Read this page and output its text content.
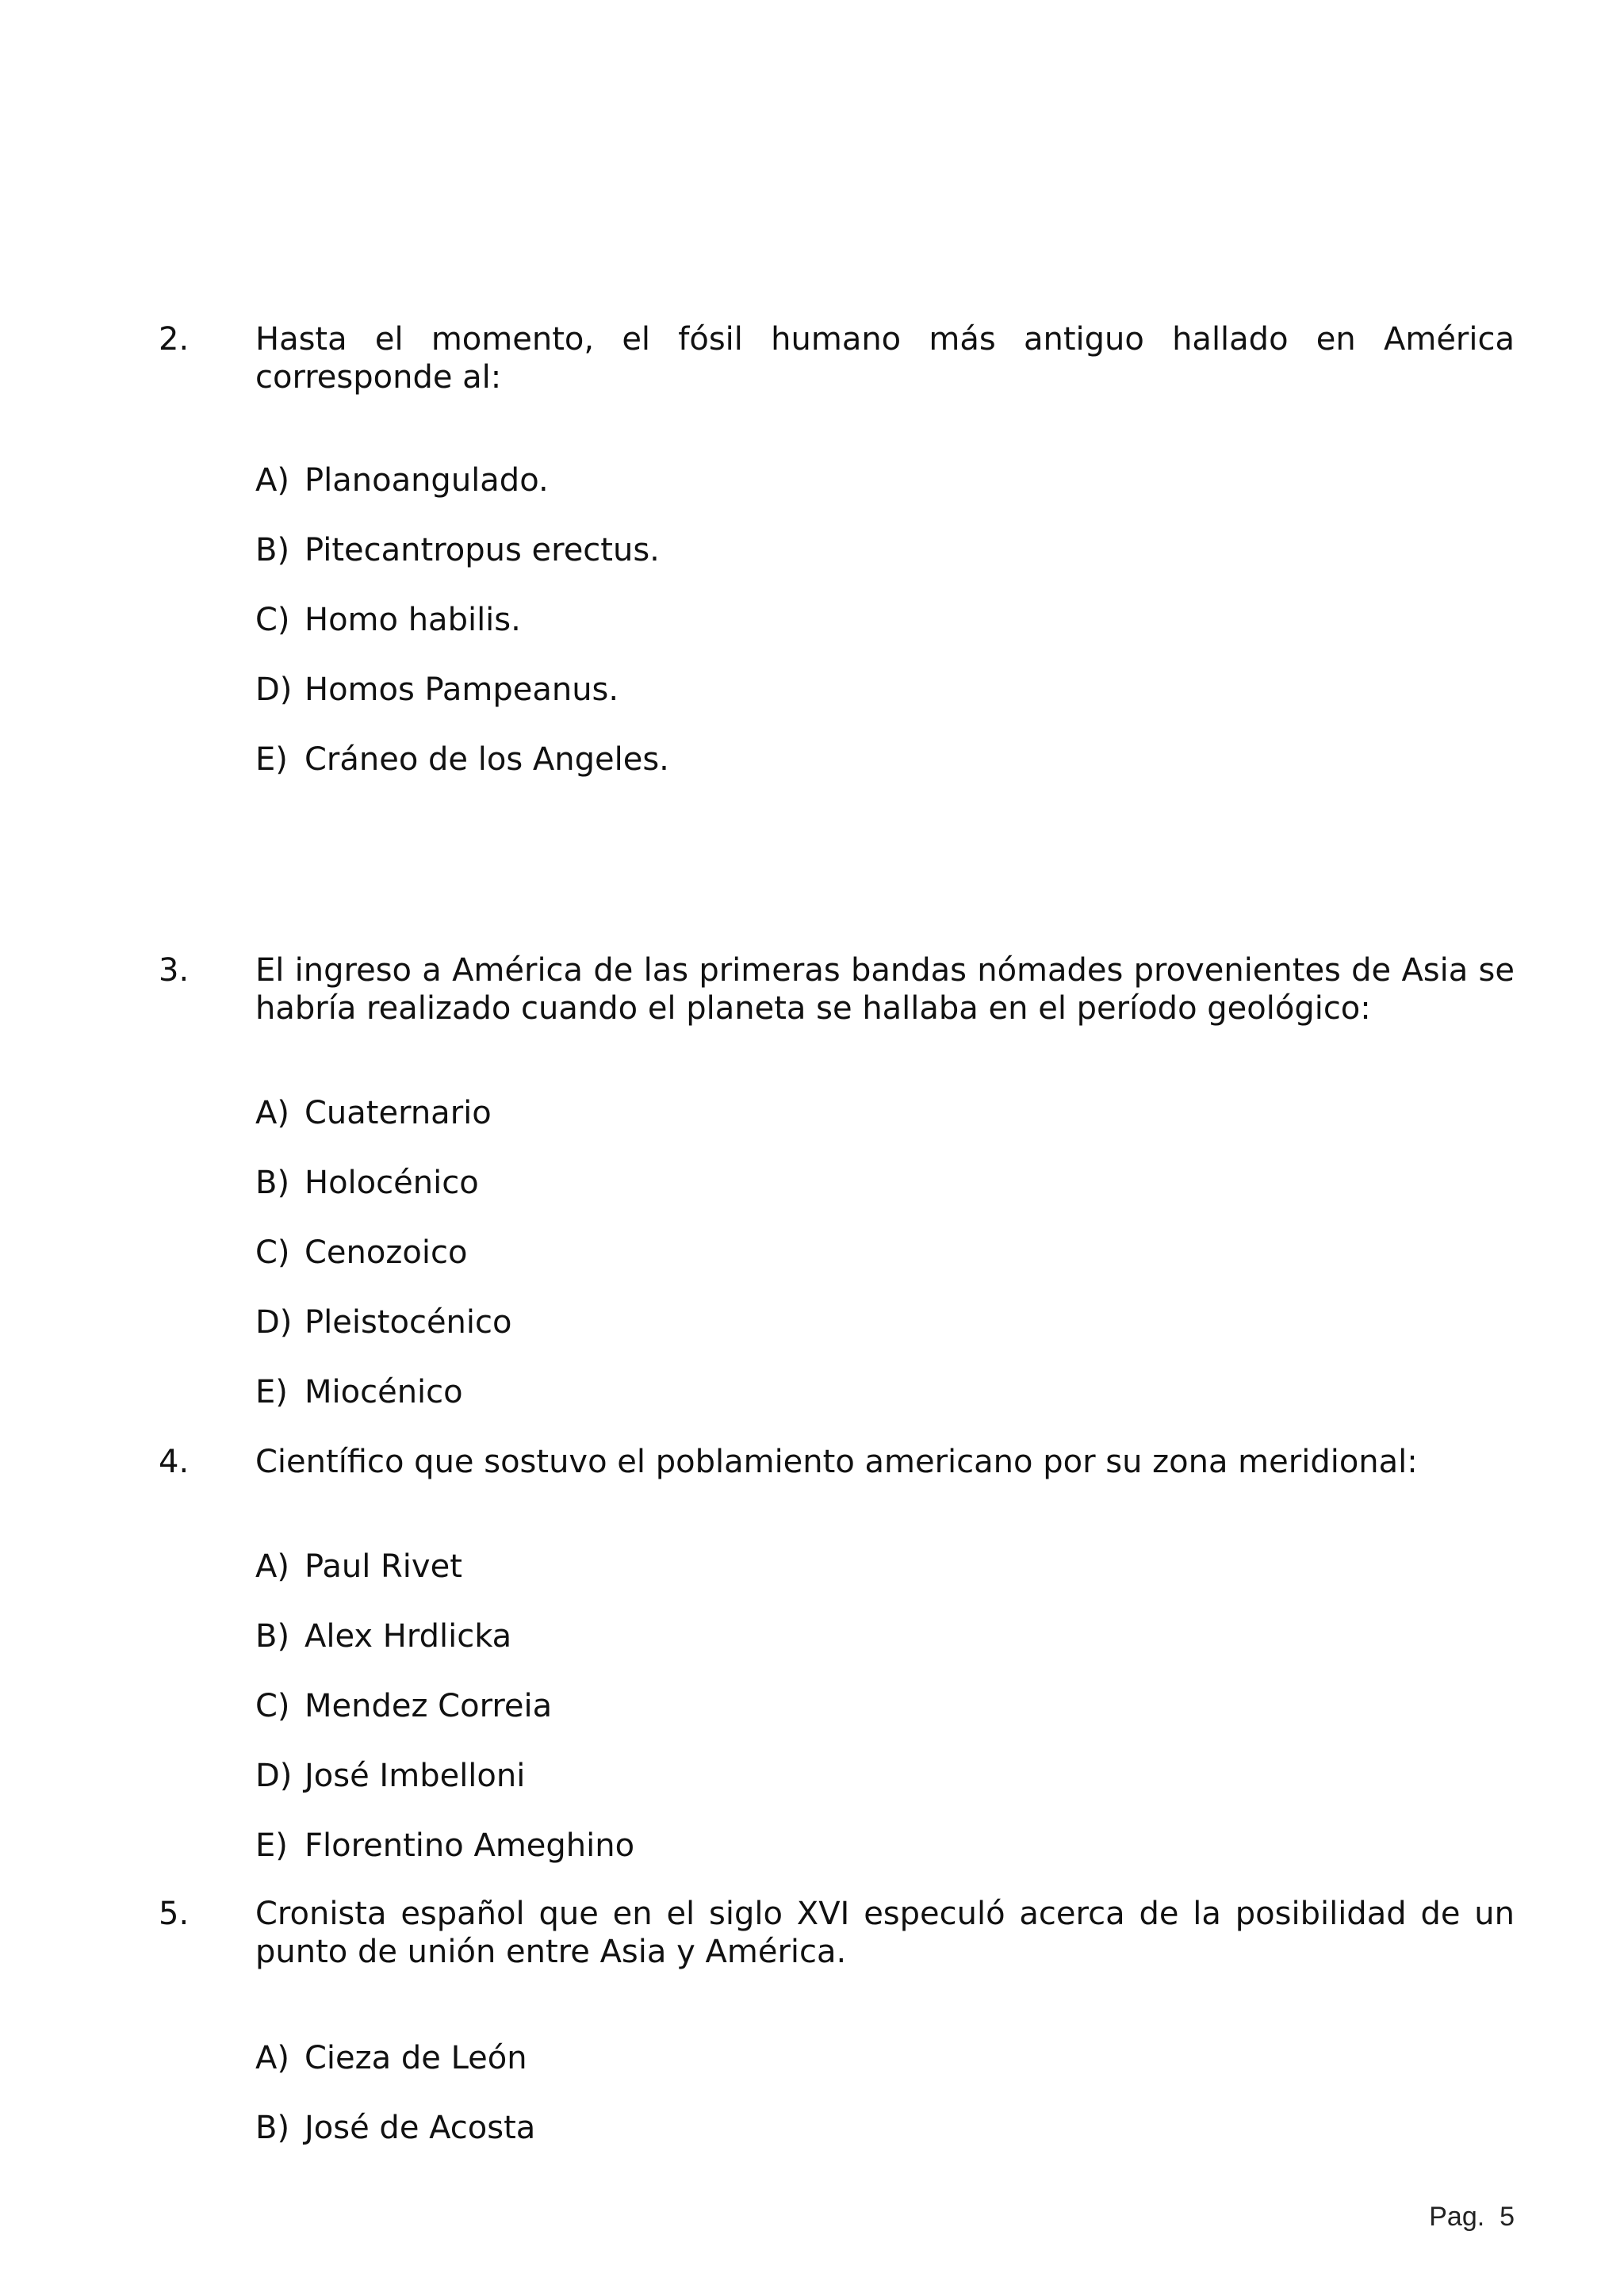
2. Hasta el momento, el fósil humano más antiguo hallado en América corresponde al:
A) Planoangulado.
B) Pitecantropus erectus.
C) Homo habilis.
D) Homos Pampeanus.
E) Cráneo de los Angeles.
3. El ingreso a América de las primeras bandas nómades provenientes de Asia se habría realizado cuando el planeta se hallaba en el período geológico:
A) Cuaternario
B) Holocénico
C) Cenozoico
D) Pleistocénico
E) Miocénico
4. Científico que sostuvo el poblamiento americano por su zona meridional:
A) Paul Rivet
B) Alex Hrdlicka
C) Mendez Correia
D) José Imbelloni
E) Florentino Ameghino
5. Cronista español que en el siglo XVI especuló acerca de la posibilidad de un punto de unión entre Asia y América.
A) Cieza de León
B) José de Acosta
Pag.  5
